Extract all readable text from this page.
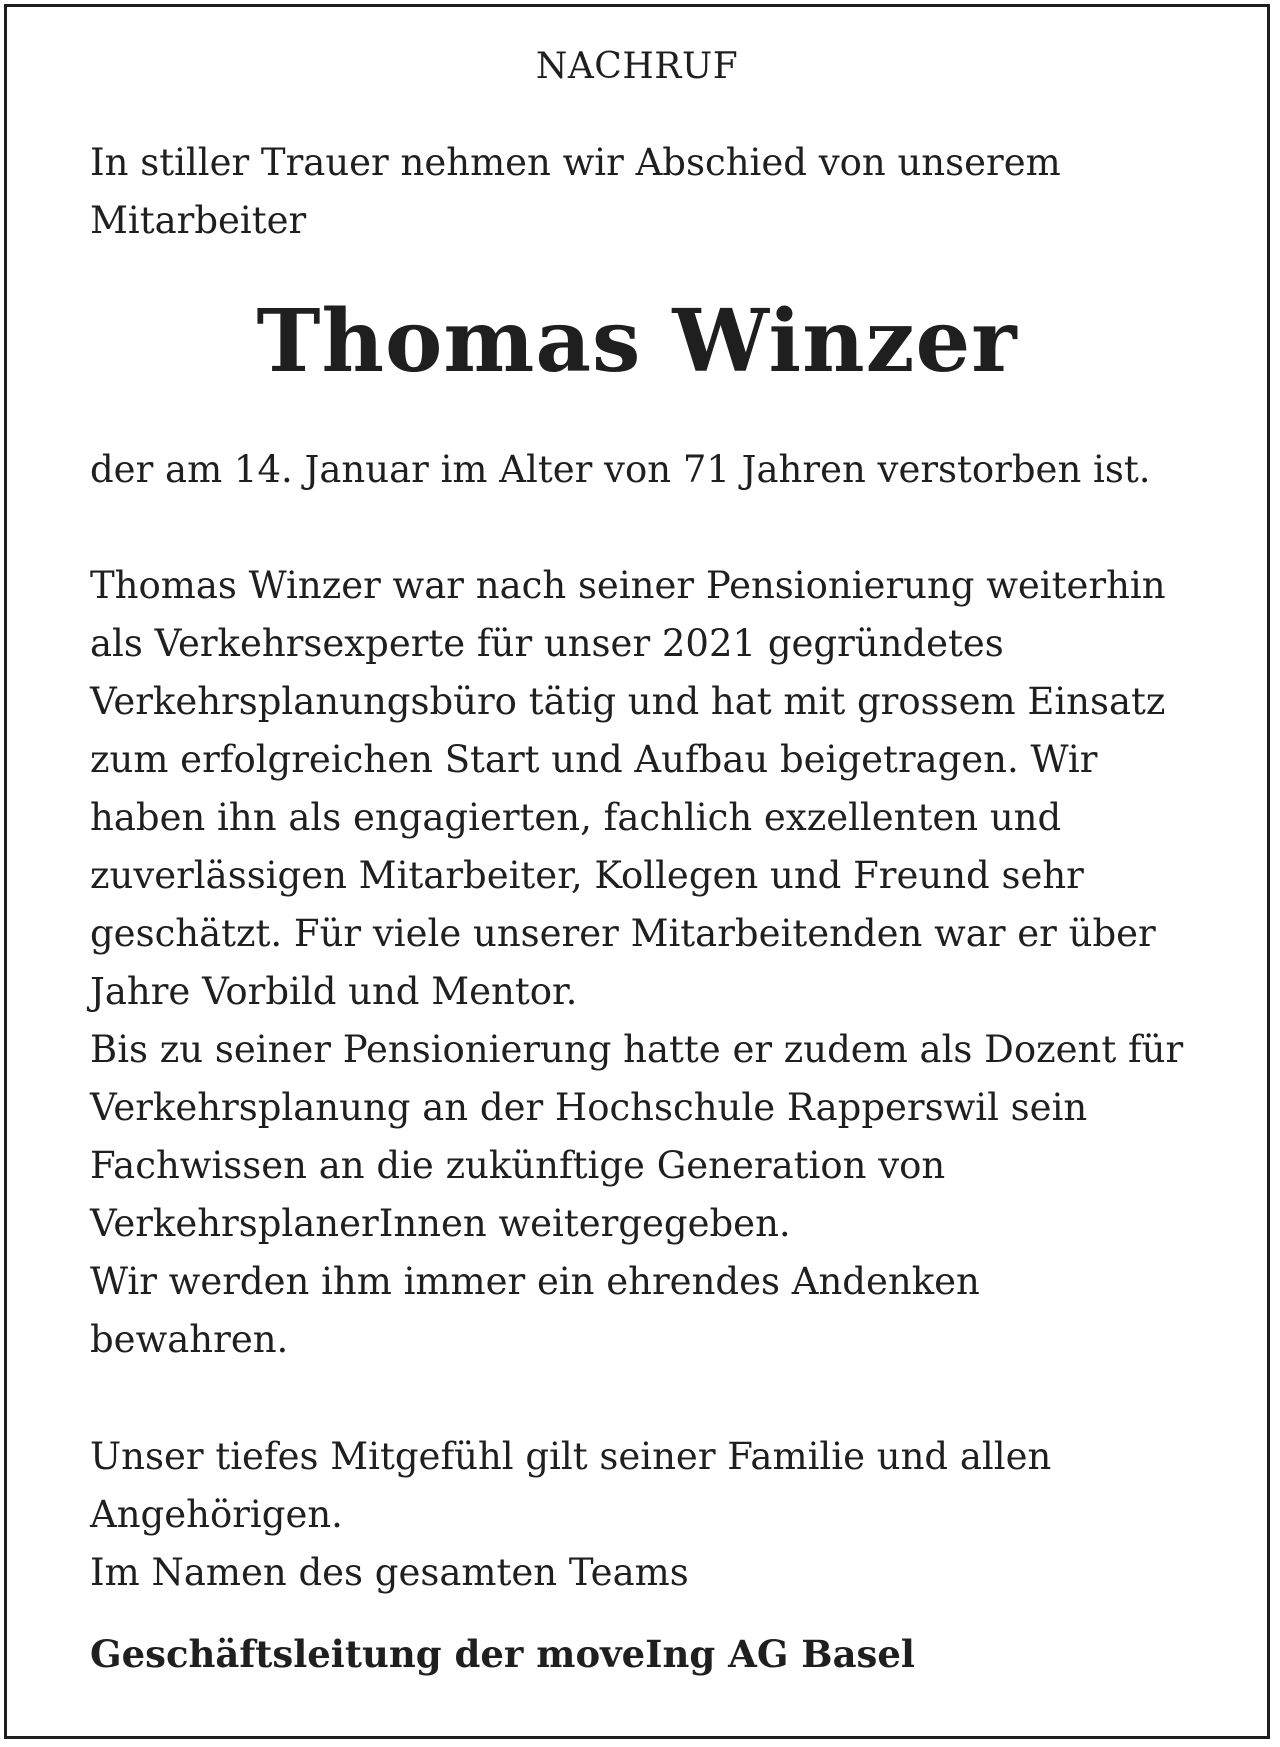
NACHRUF

In stiller Trauer nehmen wir Abschied von unserem

Mitarbeiter

Thomas Winzer

der am 14. Januar im Alter von 71 Jahren verstorben ist.

Thomas Winzer war nach seiner Pensionierung weiterhin

als Verkehrsexperte für unser 2021 gegründetes

Verkehrsplanungsbüro tätig und hat mit grossem Einsatz

zum erfolgreichen Start und Aufbau beigetragen. Wir

haben ihn als engagierten, fachlich exzellenten und

zuverlässigen Mitarbeiter, Kollegen und Freund sehr

geschätzt. Für viele unserer Mitarbeitenden war er über

Jahre Vorbild und Mentor.

Bis zu seiner Pensionierung hatte er zudem als Dozent für

Verkehrsplanung an der Hochschule Rapperswil sein

Fachwissen an die zukünftige Generation von

VerkehrsplanerInnen weitergegeben.

Wir werden ihm immer ein ehrendes Andenken

bewahren.

Unser tiefes Mitgefühl gilt seiner Familie und allen

Angehörigen.

Im Namen des gesamten Teams

Geschäftsleitung der moveIng AG Basel
